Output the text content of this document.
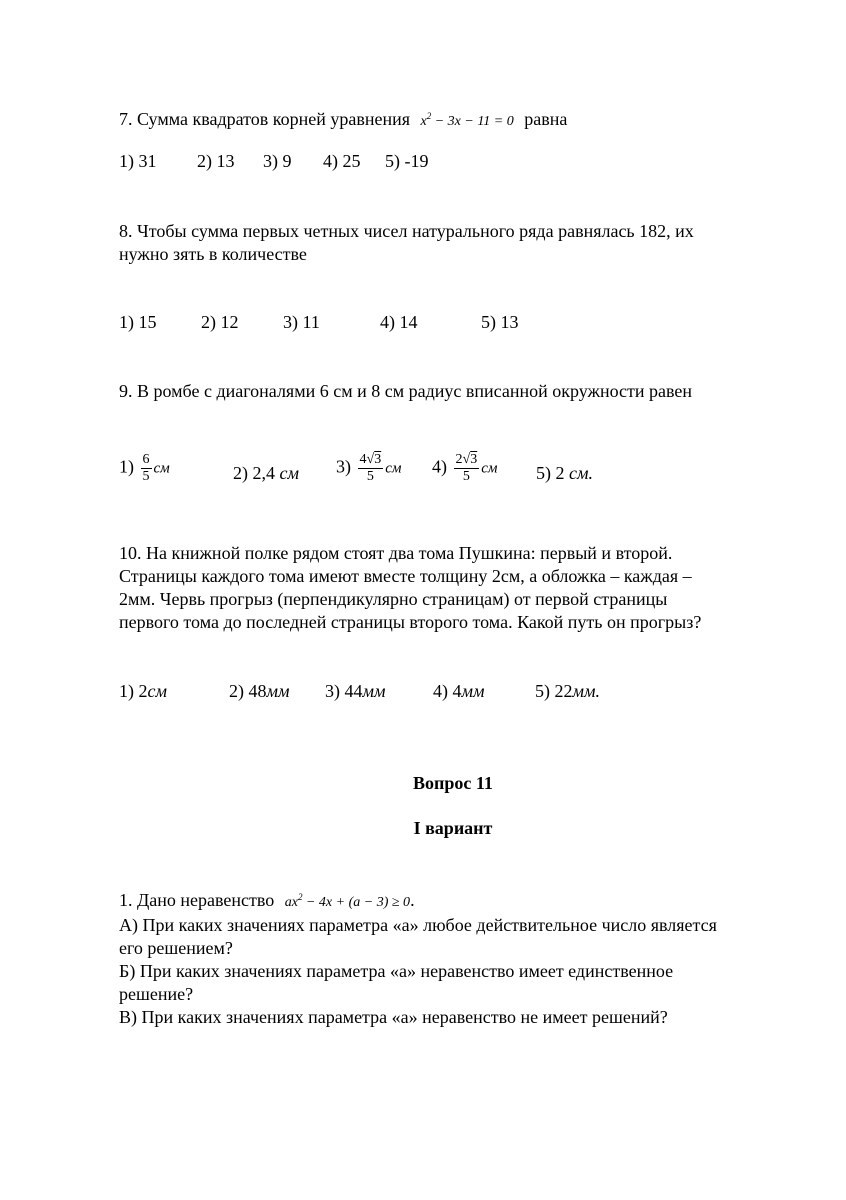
7. Сумма квадратов корней уравнения $x^2 - 3x - 11 = 0$ равна
1) 31 2) 13 3) 9 4) 25 5) -19
8. Чтобы сумма первых четных чисел натурального ряда равнялась 182, их
нужно зять в количестве
1) 15 2) 12 3) 11	4) 14	5) 13
9. В ромбе с диагоналями 6 см и 8 см радиус вписанной окружности равен
$1) \frac{6}{5}$ см	2) 2,4 см $3) \frac{4√3}{5}$ см $4) \frac{2√3}{5}$ см 5) 2 см.
10. На книжной полке рядом стоят два тома Пушкина: первый и второй.
Страницы каждого тома имеют вместе толщину 2см, а обложка – каждая –
2мм. Червь прогрыз (перпендикулярно страницам) от первой страницы
первого тома до последней страницы второго тома. Какой путь он прогрыз?
1) 2см	2) 48мм 3) 44мм	4) 4мм	5) 22мм.
Вопрос 11
I вариант
1. Дано неравенство $ax^2 - 4x + (a - 3) \ge 0$.
А) При каких значениях параметра «а» любое действительное число является
его решением?
Б) При каких значениях параметра «а» неравенство имеет единственное
решение?
В) При каких значениях параметра «а» неравенство не имеет решений?
